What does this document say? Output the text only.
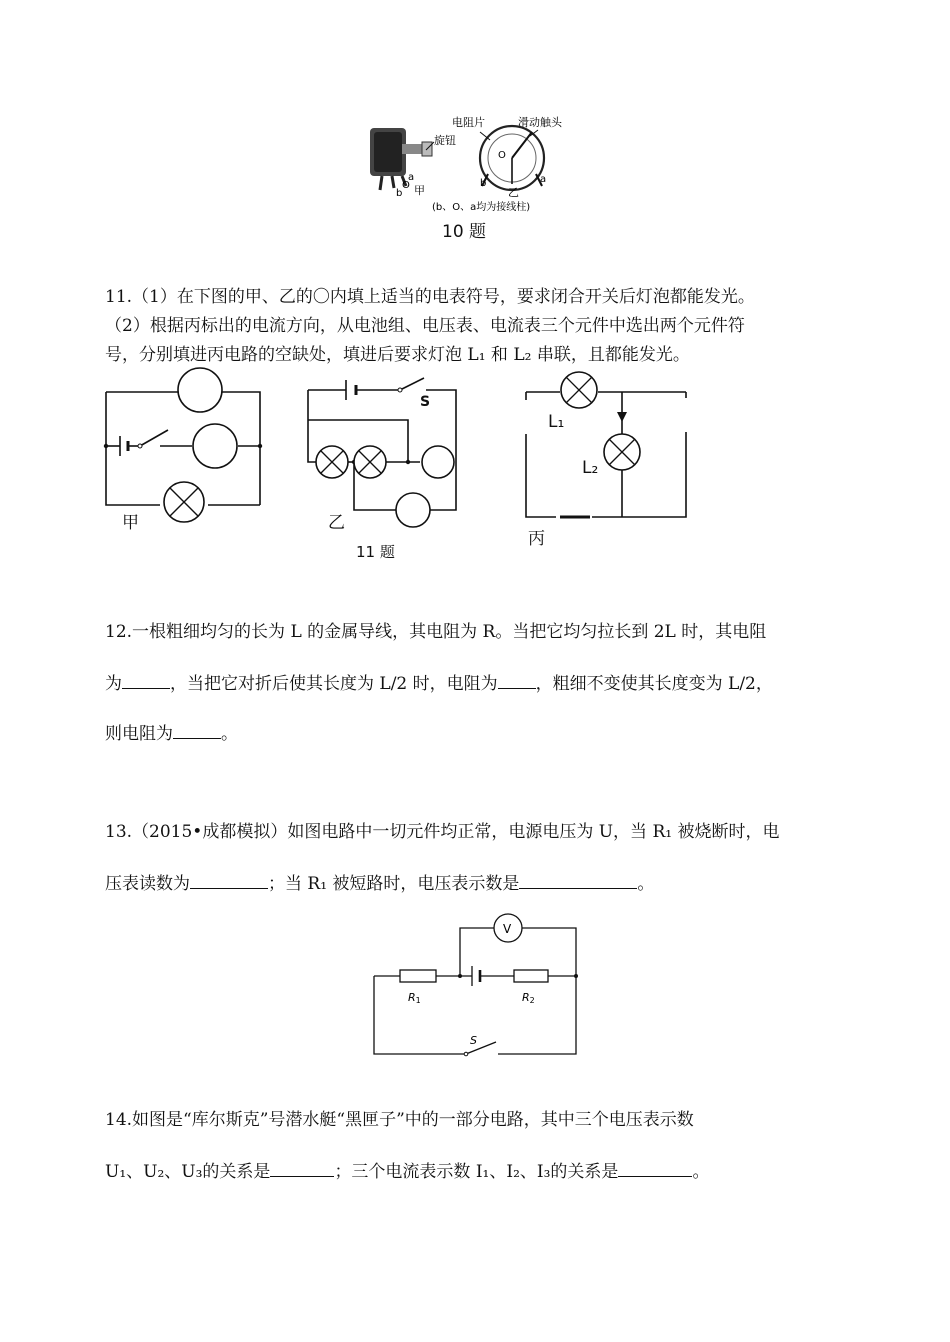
旋钮
b
O
a
甲
电阻片	滑动触头
O
b	a
乙
(b、O、a均为接线柱)
10 题
11.（1）在下图的甲、乙的〇内填上适当的电表符号，要求闭合开关后灯泡都能发光。
（2）根据丙标出的电流方向，从电池组、电压表、电流表三个元件中选出两个元件符
号，分别填进丙电路的空缺处，填进后要求灯泡 L₁ 和 L₂ 串联，且都能发光。
甲
S
乙
11 题
L₁
L₂
丙
12.一根粗细均匀的长为 L 的金属导线，其电阻为 R。当把它均匀拉长到 2L 时，其电阻
为	，当把它对折后使其长度为 L/2 时，电阻为 ，粗细不变使其长度变为 L/2，
则电阻为	。
13.（2015•成都模拟）如图电路中一切元件均正常，电源电压为 U，当 R₁ 被烧断时，电
压表读数为	；当 R₁ 被短路时，电压表示数是	。
V
R1	R2
S
14.如图是“库尔斯克”号潜水艇“黑匣子”中的一部分电路，其中三个电压表示数
U₁、U₂、U₃的关系是	；三个电流表示数 I₁、I₂、I₃的关系是	。
